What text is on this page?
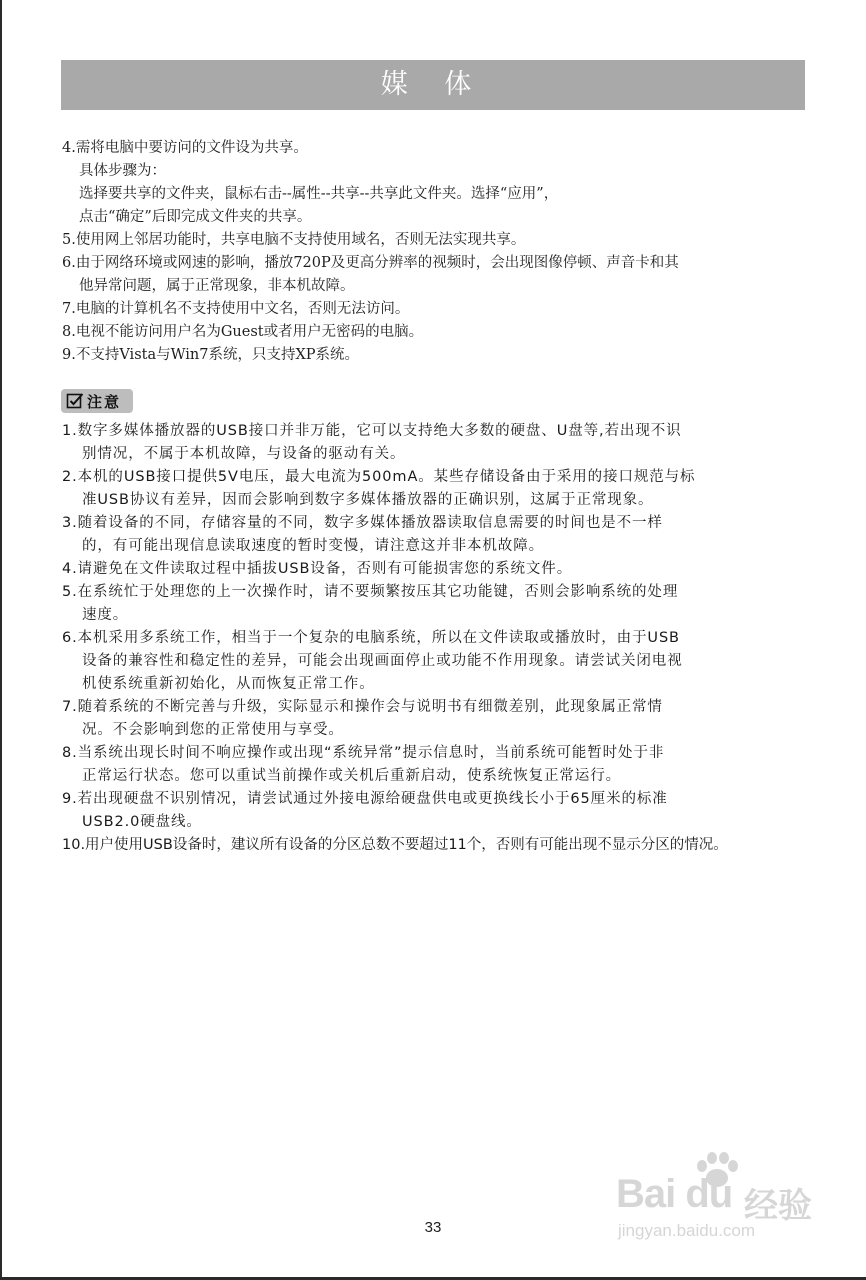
媒 体
4.需将电脑中要访问的文件设为共享。
具体步骤为：
选择要共享的文件夹，鼠标右击--属性--共享--共享此文件夹。选择“应用”，
点击“确定”后即完成文件夹的共享。
5.使用网上邻居功能时，共享电脑不支持使用域名，否则无法实现共享。
6.由于网络环境或网速的影响，播放720P及更高分辨率的视频时，会出现图像停顿、声音卡和其
他异常问题，属于正常现象，非本机故障。
7.电脑的计算机名不支持使用中文名，否则无法访问。
8.电视不能访问用户名为Guest或者用户无密码的电脑。
9.不支持Vista与Win7系统，只支持XP系统。
注意
1.数字多媒体播放器的USB接口并非万能，它可以支持绝大多数的硬盘、U盘等,若出现不识
别情况，不属于本机故障，与设备的驱动有关。
2.本机的USB接口提供5V电压，最大电流为500mA。某些存储设备由于采用的接口规范与标
准USB协议有差异，因而会影响到数字多媒体播放器的正确识别，这属于正常现象。
3.随着设备的不同，存储容量的不同，数字多媒体播放器读取信息需要的时间也是不一样
的，有可能出现信息读取速度的暂时变慢，请注意这并非本机故障。
4.请避免在文件读取过程中插拔USB设备，否则有可能损害您的系统文件。
5.在系统忙于处理您的上一次操作时，请不要频繁按压其它功能键，否则会影响系统的处理
速度。
6.本机采用多系统工作，相当于一个复杂的电脑系统，所以在文件读取或播放时，由于USB
设备的兼容性和稳定性的差异，可能会出现画面停止或功能不作用现象。请尝试关闭电视
机使系统重新初始化，从而恢复正常工作。
7.随着系统的不断完善与升级，实际显示和操作会与说明书有细微差别，此现象属正常情
况。不会影响到您的正常使用与享受。
8.当系统出现长时间不响应操作或出现“系统异常”提示信息时，当前系统可能暂时处于非
正常运行状态。您可以重试当前操作或关机后重新启动，使系统恢复正常运行。
9.若出现硬盘不识别情况，请尝试通过外接电源给硬盘供电或更换线长小于65厘米的标准
USB2.0硬盘线。
10.用户使用USB设备时，建议所有设备的分区总数不要超过11个，否则有可能出现不显示分区的情况。
33
Bai du 经验
jingyan.baidu.com
